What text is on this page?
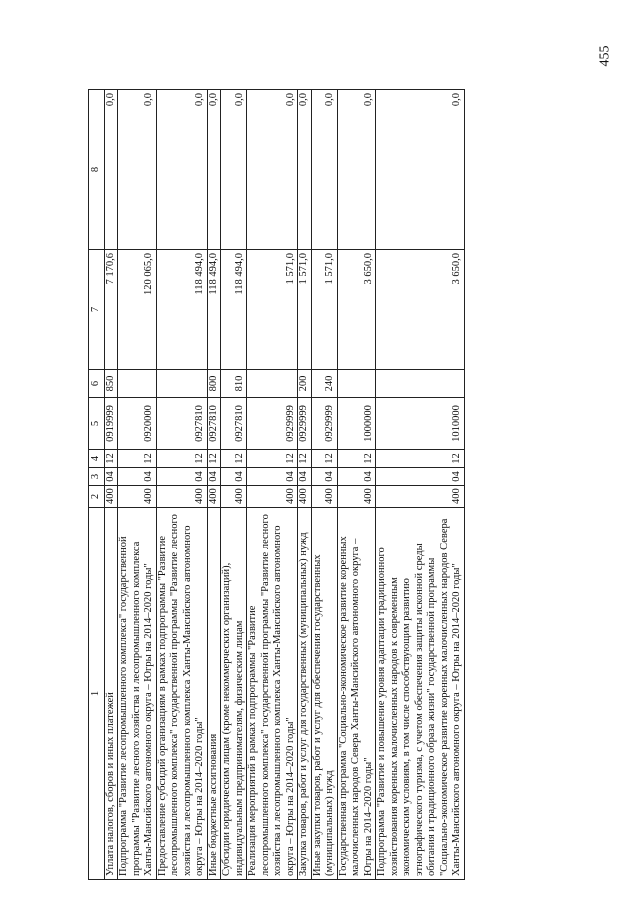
455
1	2	3	4	5	6	7	8
Уплата налогов, сборов и иных платежей	400	04	12	0919999	850	7 170,6	0,0
Подпрограмма "Развитие лесопромышленного комплекса" государственной программы "Развитие лесного хозяйства и лесопромышленного комплекса Ханты-Мансийского автономного округа – Югры на 2014–2020 годы"	400	04	12	0920000		120 065,0	0,0
Предоставление субсидий организациям в рамках подпрограммы "Развитие лесопромышленного комплекса" государственной программы "Развитие лесного хозяйства и лесопромышленного комплекса Ханты-Мансийского автономного округа – Югры на 2014–2020 годы"	400	04	12	0927810		118 494,0	0,0
Иные бюджетные ассигнования	400	04	12	0927810	800	118 494,0	0,0
Субсидии юридическим лицам (кроме некоммерческих организаций), индивидуальным предпринимателям, физическим лицам	400	04	12	0927810	810	118 494,0	0,0
Реализация мероприятий в рамках подпрограммы "Развитие лесопромышленного комплекса" государственной программы "Развитие лесного хозяйства и лесопромышленного комплекса Ханты-Мансийского автономного округа – Югры на 2014–2020 годы"	400	04	12	0929999		1 571,0	0,0
Закупка товаров, работ и услуг для государственных (муниципальных) нужд	400	04	12	0929999	200	1 571,0	0,0
Иные закупки товаров, работ и услуг для обеспечения государственных (муниципальных) нужд	400	04	12	0929999	240	1 571,0	0,0
Государственная программа "Социально-экономическое развитие коренных малочисленных народов Севера Ханты-Мансийского автономного округа – Югры на 2014–2020 годы"	400	04	12	1000000		3 650,0	0,0
Подпрограмма "Развитие и повышение уровня адаптации традиционного хозяйствования коренных малочисленных народов к современным экономическим условиям, в том числе способствующим развитию этнографического туризма, с учетом обеспечения защиты исконной среды обитания и традиционного образа жизни" государственной программы "Социально-экономическое развитие коренных малочисленных народов Севера Ханты-Мансийского автономного округа – Югры на 2014–2020 годы"	400	04	12	1010000		3 650,0	0,0
